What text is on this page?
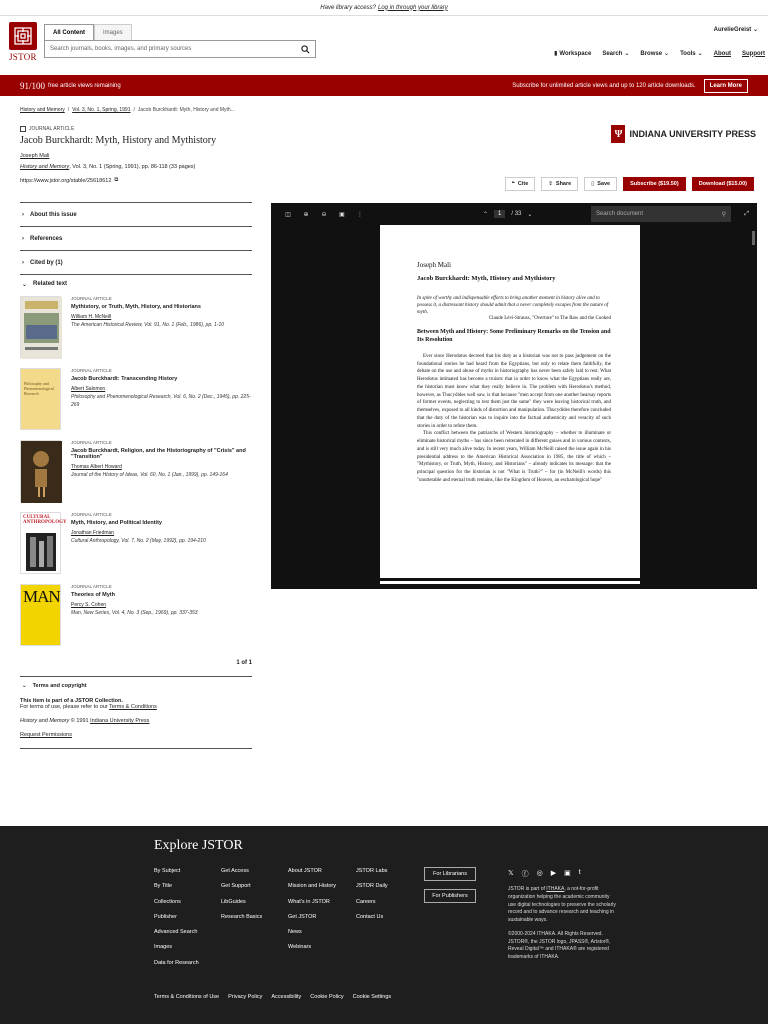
Have library access? Log in through your library
JSTOR
All Content	Images
Search journals, books, images, and primary sources
AurelieGreist ⌄
▮ Workspace Search ⌄ Browse ⌄ Tools ⌄ About Support
91/100 free article views remaining	Subscribe for unlimited article views and up to 120 article downloads.	Learn More
History and Memory / Vol. 3, No. 1, Spring, 1991 / Jacob Burckhardt: Myth, History and Myth...
JOURNAL ARTICLE
Jacob Burckhardt: Myth, History and Mythistory
Joseph Mali
History and Memory, Vol. 3, No. 1 (Spring, 1991), pp. 86-118 (33 pages)
https://www.jstor.org/stable/25618612 ⧉
Ψ INDIANA UNIVERSITY PRESS
❝ Cite	⇪ Share	▯ Save	Subscribe ($19.50)	Download ($15.00)
› About this issue
› References
› Cited by (1)
⌄ Related text
JOURNAL ARTICLE
Mythistory, or Truth, Myth, History, and Historians
William H. McNeill
The American Historical Review, Vol. 91, No. 1 (Feb., 1986), pp. 1-10
Philosophy and Phenomenological Research
JOURNAL ARTICLE
Jacob Burckhardt: Transcending History
Albert Salomon
Philosophy and Phenomenological Research, Vol. 6, No. 2 (Dec., 1945), pp. 225-269
JOURNAL ARTICLE
Jacob Burckhardt, Religion, and the Historiography of "Crisis" and "Transition"
Thomas Albert Howard
Journal of the History of Ideas, Vol. 60, No. 1 (Jan., 1999), pp. 149-164
CULTURAL ANTHROPOLOGY
JOURNAL ARTICLE
Myth, History, and Political Identity
Jonathan Friedman
Cultural Anthropology, Vol. 7, No. 2 (May, 1992), pp. 194-210
MAN
JOURNAL ARTICLE
Theories of Myth
Percy S. Cohen
Man, New Series, Vol. 4, No. 3 (Sep., 1969), pp. 337-353
1 of 1
⌄ Terms and copyright

This item is part of a JSTOR Collection.
For terms of use, please refer to our Terms & Conditions

History and Memory © 1991 Indiana University Press

Request Permissions

◫	⊕	⊖	▣	⋮	⌃	1	/ 33 ⌄	Search document	⚲	⤢
Joseph Mali
Jacob Burckhardt: Myth, History and Mythistory
In spite of worthy and indispensable efforts to bring another moment in history alive and to possess it, a distressant history should admit that a never completely escapes from the nature of myth.
Claude Lévi-Strauss, "Overture" to The Raw and the Cooked
Between Myth and History: Some Preliminary Remarks on the Tension and Its Resolution
Ever since Herodotus decreed that his duty as a historian was not to pass judgement on the foundational stories he had heard from the Egyptians, but only to relate them faithfully, the debate on the use and abuse of myths in historiography has never been safely laid to rest. What Herodotus intimated has become a truism: that in order to know what the Egyptians really are, the historian must know what they really believe in. The problem with Herodotus's method, however, as Thucydides well saw, is that because "men accept from one another hearsay reports of former events, neglecting to test them just the same" they were leaving historical truth, and themselves, exposed to all kinds of distortion and manipulation. Thucydides therefore concluded that the duty of the historian was to inquire into the factual authenticity and veracity of such stories in order to refute them.
This conflict between the patriarchs of Western historiography – whether to illuminate or eliminate historical myths – has since been reiterated in different guises and in various contexts, and is still very much alive today. In recent years, William McNeill raised the issue again in his presidential address to the American Historical Association in 1985, the title of which – "Mythistory, or Truth, Myth, History, and Historians" – already indicates its message: that the principal question for the historian is not "What is Truth?" – for (in McNeill's words) this "unutterable and eternal truth remains, like the Kingdom of Heaven, an eschatological hope"
Explore JSTOR
By Subject
By Title
Collections
Publisher
Advanced Search
Images
Data for Research
Get Access
Get Support
LibGuides
Research Basics
About JSTOR
Mission and History
What's in JSTOR
Get JSTOR
News
Webinars
JSTOR Labs
JSTOR Daily
Careers
Contact Us
For Librarians
For Publishers
𝕏 ⓕ ◎ ▶ ▣ t
JSTOR is part of ITHAKA, a not-for-profit organization helping the academic community use digital technologies to preserve the scholarly record and to advance research and teaching in sustainable ways.
©2000-2024 ITHAKA. All Rights Reserved. JSTOR®, the JSTOR logo, JPASS®, Artstor®, Reveal Digital™ and ITHAKA® are registered trademarks of ITHAKA.
Terms & Conditions of Use Privacy Policy Accessibility Cookie Policy Cookie Settings
